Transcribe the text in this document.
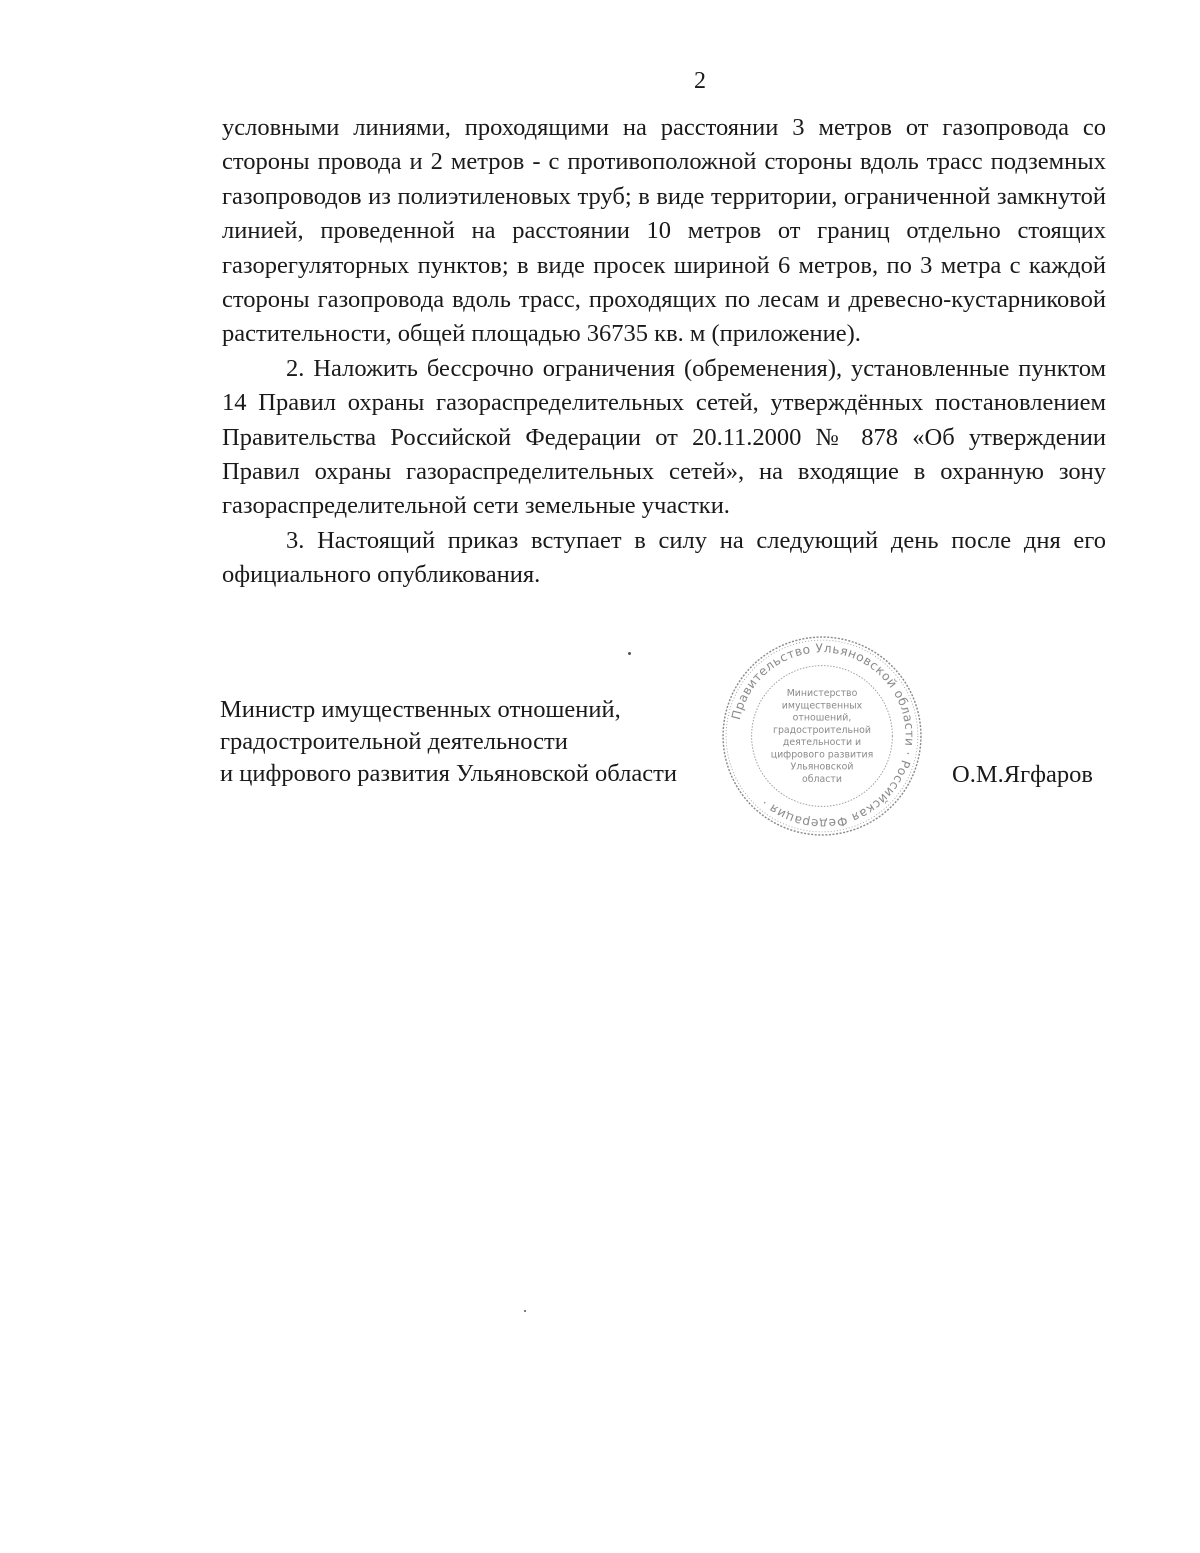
2

условными линиями, проходящими на расстоянии 3 метров от газопровода со стороны провода и 2 метров - с противоположной стороны вдоль трасс подземных газопроводов из полиэтиленовых труб; в виде территории, ограниченной замкнутой линией, проведенной на расстоянии 10 метров от границ отдельно стоящих газорегуляторных пунктов; в виде просек шириной 6 метров, по 3 метра с каждой стороны газопровода вдоль трасс, проходящих по лесам и древесно-кустарниковой растительности, общей площадью 36735 кв. м (приложение).

2. Наложить бессрочно ограничения (обременения), установленные пунктом 14 Правил охраны газораспределительных сетей, утверждённых постановлением Правительства Российской Федерации от 20.11.2000 № 878 «Об утверждении Правил охраны газораспределительных сетей», на входящие в охранную зону газораспределительной сети земельные участки.

3. Настоящий приказ вступает в силу на следующий день после дня его официального опубликования.

Министр имущественных отношений,
градостроительной деятельности
и цифрового развития Ульяновской области
Правительство Ульяновской области · Российская Федерация ·
Министерство
имущественных
отношений,
градостроительной
деятельности и
цифрового развития
Ульяновской
области	О.М.Ягфаров
